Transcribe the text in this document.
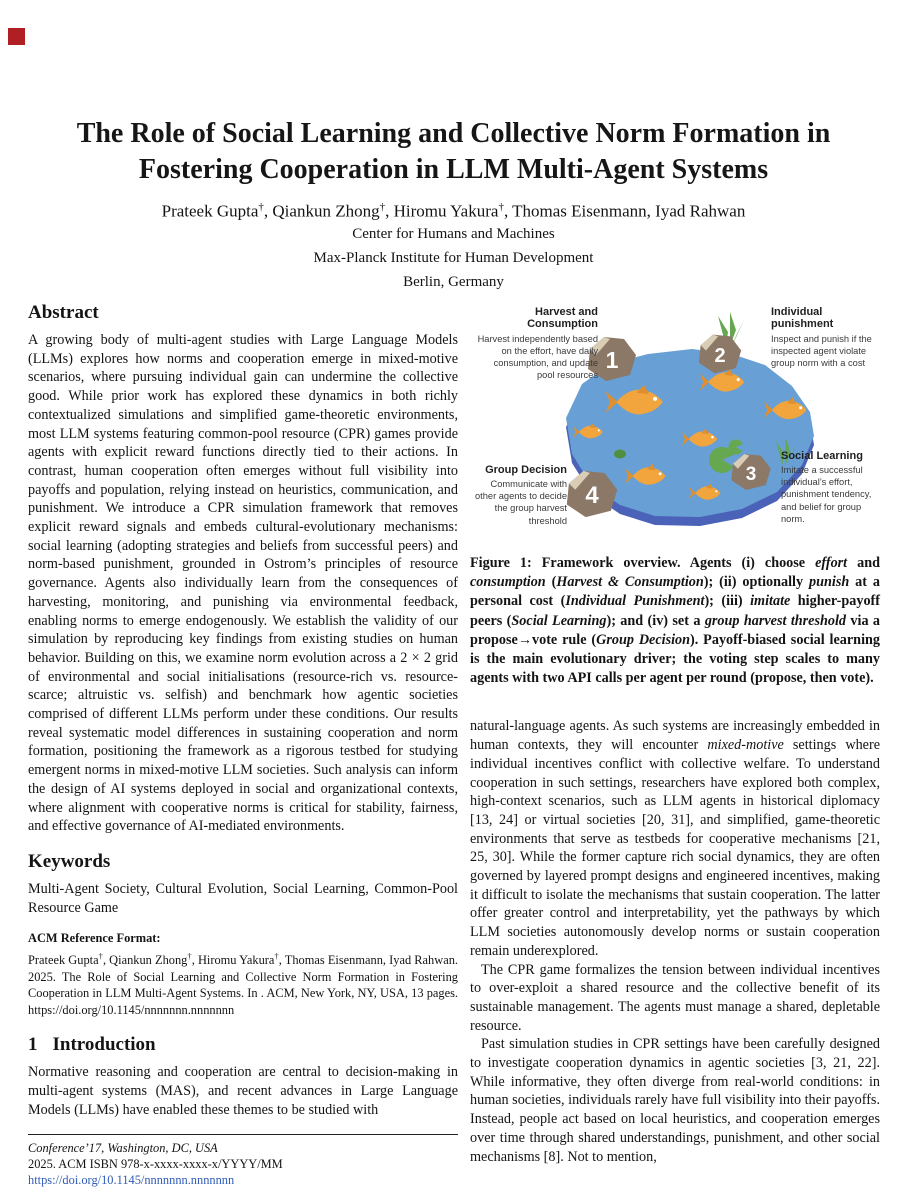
The Role of Social Learning and Collective Norm Formation in Fostering Cooperation in LLM Multi-Agent Systems
Prateek Gupta†, Qiankun Zhong†, Hiromu Yakura†, Thomas Eisenmann, Iyad Rahwan
Center for Humans and Machines
Max-Planck Institute for Human Development
Berlin, Germany
Abstract

A growing body of multi-agent studies with Large Language Models (LLMs) explores how norms and cooperation emerge in mixed-motive scenarios, where pursuing individual gain can undermine the collective good. While prior work has explored these dynamics in both richly contextualized simulations and simplified game-theoretic environments, most LLM systems featuring common-pool resource (CPR) games provide agents with explicit reward functions directly tied to their actions. In contrast, human cooperation often emerges without full visibility into payoffs and population, relying instead on heuristics, communication, and punishment. We introduce a CPR simulation framework that removes explicit reward signals and embeds cultural-evolutionary mechanisms: social learning (adopting strategies and beliefs from successful peers) and norm-based punishment, grounded in Ostrom’s principles of resource governance. Agents also individually learn from the consequences of harvesting, monitoring, and punishing via environmental feedback, enabling norms to emerge endogenously. We establish the validity of our simulation by reproducing key findings from existing studies on human behavior. Building on this, we examine norm evolution across a 2 × 2 grid of environmental and social initialisations (resource-rich vs. resource-scarce; altruistic vs. selfish) and benchmark how agentic societies comprised of different LLMs perform under these conditions. Our results reveal systematic model differences in sustaining cooperation and norm formation, positioning the framework as a rigorous testbed for studying emergent norms in mixed-motive LLM societies. Such analysis can inform the design of AI systems deployed in social and organizational contexts, where alignment with cooperative norms is critical for stability, fairness, and effective governance of AI-mediated environments.

Keywords

Multi-Agent Society, Cultural Evolution, Social Learning, Common-Pool Resource Game

ACM Reference Format:

Prateek Gupta†, Qiankun Zhong†, Hiromu Yakura†, Thomas Eisenmann, Iyad Rahwan. 2025. The Role of Social Learning and Collective Norm Formation in Fostering Cooperation in LLM Multi-Agent Systems. In . ACM, New York, NY, USA, 13 pages. https://doi.org/10.1145/nnnnnnn.nnnnnnn

1 Introduction

Normative reasoning and cooperation are central to decision-making in multi-agent systems (MAS), and recent advances in Large Language Models (LLMs) have enabled these themes to be studied with

1	2
3
4
Harvest and Consumption
Harvest independently based on the effort, have daily consumption, and update pool resources
Individual punishment
Inspect and punish if the inspected agent violate group norm with a cost
Social Learning
Imitate a successful individual’s effort, punishment tendency, and belief for group norm.
Group Decision
Communicate with other agents to decide the group harvest threshold

Figure 1: Framework overview. Agents (i) choose effort and consumption (Harvest & Consumption); (ii) optionally punish at a personal cost (Individual Punishment); (iii) imitate higher-payoff peers (Social Learning); and (iv) set a group harvest threshold via a propose→vote rule (Group Decision). Payoff-biased social learning is the main evolutionary driver; the voting step scales to many agents with two API calls per agent per round (propose, then vote).

natural-language agents. As such systems are increasingly embedded in human contexts, they will encounter mixed-motive settings where individual incentives conflict with collective welfare. To understand cooperation in such settings, researchers have explored both complex, high-context scenarios, such as LLM agents in historical diplomacy [13, 24] or virtual societies [20, 31], and simplified, game-theoretic environments that serve as testbeds for cooperative mechanisms [21, 25, 30]. While the former capture rich social dynamics, they are often governed by layered prompt designs and engineered incentives, making it difficult to isolate the mechanisms that sustain cooperation. The latter offer greater control and interpretability, yet the pathways by which LLM societies autonomously develop norms or sustain cooperation remain underexplored.

The CPR game formalizes the tension between individual incentives to over-exploit a shared resource and the collective benefit of its sustainable management. The agents must manage a shared, depletable resource.

Past simulation studies in CPR settings have been carefully designed to investigate cooperation dynamics in agentic societies [3, 21, 22]. While informative, they often diverge from real-world conditions: in human societies, individuals rarely have full visibility into their payoffs. Instead, people act based on local heuristics, and cooperation emerges over time through shared understandings, punishment, and other social mechanisms [8]. Not to mention,

Conference’17, Washington, DC, USA
2025. ACM ISBN 978-x-xxxx-xxxx-x/YYYY/MM
https://doi.org/10.1145/nnnnnnn.nnnnnnn
